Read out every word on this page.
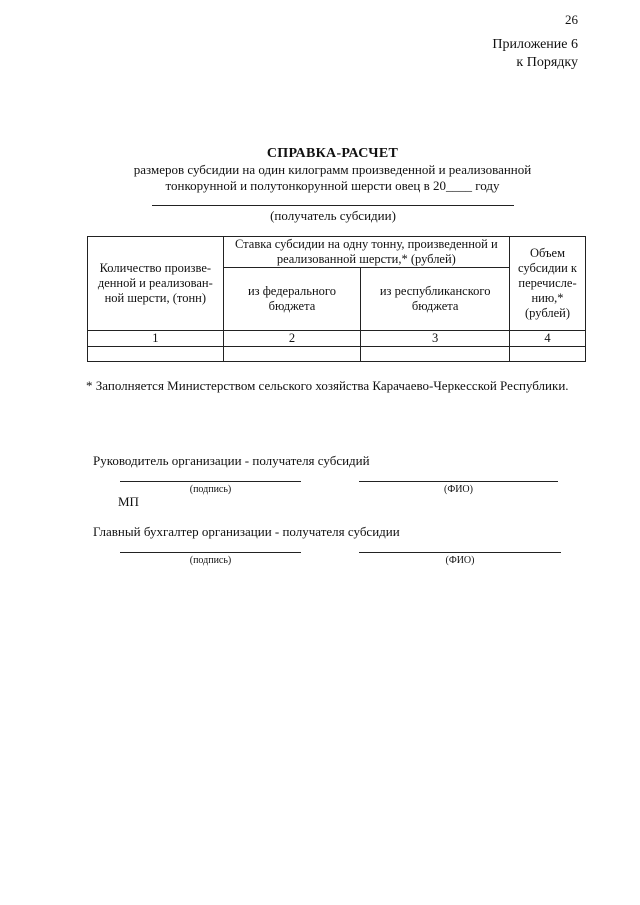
26
Приложение 6
к Порядку
СПРАВКА-РАСЧЕТ
размеров субсидии на один килограмм произведенной и реализованной
тонкорунной и полутонкорунной шерсти овец в 20____ году
(получатель субсидии)
Количество произве-денной и реализован-ной шерсти, (тонн)	Ставка субсидии на одну тонну, произведенной и реализованной шерсти,* (рублей)		Объем субсидии к перечисле-нию,* (рублей)
	из федерального бюджета	из республиканского бюджета	
1	2	3	4

* Заполняется Министерством сельского хозяйства Карачаево-Черкесской Республики.
Руководитель организации - получателя субсидий
(подпись)	(ФИО)
МП
Главный бухгалтер организации - получателя субсидии
(подпись)	(ФИО)
